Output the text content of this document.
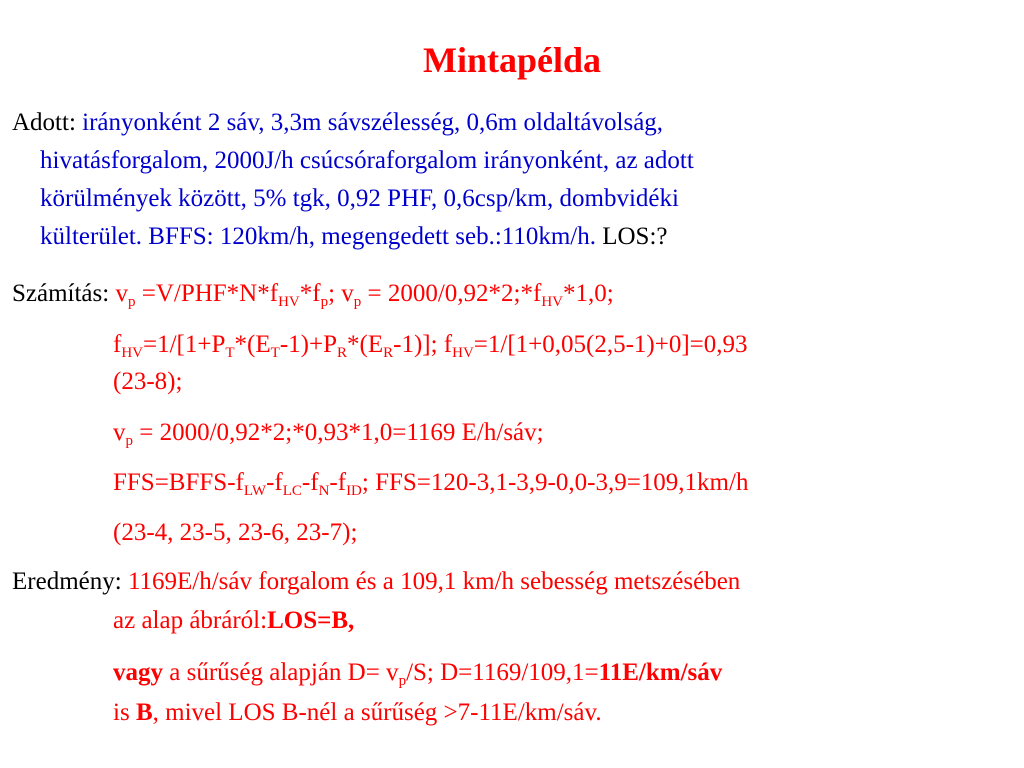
Mintapélda

Adott: irányonként 2 sáv, 3,3m sávszélesség, 0,6m oldaltávolság,

hivatásforgalom, 2000J/h csúcsóraforgalom irányonként, az adott

körülmények között, 5% tgk, 0,92 PHF, 0,6csp/km, dombvidéki

külterület. BFFS: 120km/h, megengedett seb.:110km/h. LOS:?

Számítás: $v_p =V/PHF*N*f_{HV}*f_p$; $v_p$ = $2000/0,92*2;*f_{HV}*1,0$;

$f_{HV}=1/[1+P_T*(E_T-1)+P_R*(E_R-1)]$; $f_{HV}=1/[1+0,05(2,5-1)+0]=0,93$

(23-8);

$v_p$ = 2000/0,92*2;*0,93*1,0=1169 E/h/sáv;

$FFS=BFFS-f_{LW}-f_{LC}-f_N-f_{ID}$; FFS=120-3,1-3,9-0,0-3,9=109,1km/h

(23-4, 23-5, 23-6, 23-7);

Eredmény: 1169E/h/sáv forgalom és a 109,1 km/h sebesség metszésében

az alap ábráról:LOS=B,

vagy a sűrűség alapján $D= v_p/S$; D=1169/109,1=11E/km/sáv

is B, mivel LOS B-nél a sűrűség >7-11E/km/sáv.
